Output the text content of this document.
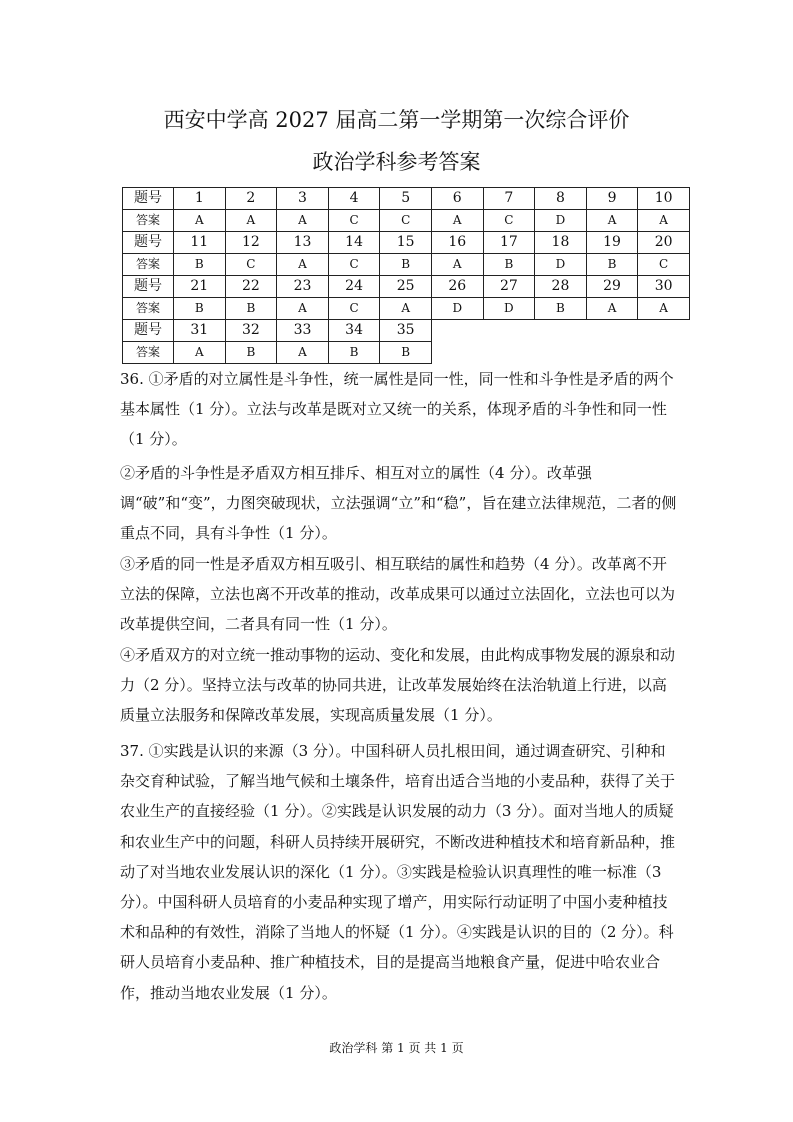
西安中学高 2027 届高二第一学期第一次综合评价
政治学科参考答案
题号	1	2	3	4	5	6	7	8	9	10
答案	A	A	A	C	C	A	C	D	A	A
题号	11	12	13	14	15	16	17	18	19	20
答案	B	C	A	C	B	A	B	D	B	C
题号	21	22	23	24	25	26	27	28	29	30
答案	B	B	A	C	A	D	D	B	A	A
题号	31	32	33	34	35					
答案	A	B	A	B	B					

36. ①矛盾的对立属性是斗争性，统一属性是同一性，同一性和斗争性是矛盾的两个基本属性（1 分）。立法与改革是既对立又统一的关系，体现矛盾的斗争性和同一性（1 分）。

②矛盾的斗争性是矛盾双方相互排斥、相互对立的属性（4 分）。改革强调“破”和“变”，力图突破现状，立法强调“立”和“稳”，旨在建立法律规范，二者的侧重点不同，具有斗争性（1 分）。

③矛盾的同一性是矛盾双方相互吸引、相互联结的属性和趋势（4 分）。改革离不开立法的保障，立法也离不开改革的推动，改革成果可以通过立法固化，立法也可以为改革提供空间，二者具有同一性（1 分）。

④矛盾双方的对立统一推动事物的运动、变化和发展，由此构成事物发展的源泉和动力（2 分）。坚持立法与改革的协同共进，让改革发展始终在法治轨道上行进，以高质量立法服务和保障改革发展，实现高质量发展（1 分）。

37. ①实践是认识的来源（3 分）。中国科研人员扎根田间，通过调查研究、引种和杂交育种试验，了解当地气候和土壤条件，培育出适合当地的小麦品种，获得了关于农业生产的直接经验（1 分）。②实践是认识发展的动力（3 分）。面对当地人的质疑和农业生产中的问题，科研人员持续开展研究，不断改进种植技术和培育新品种，推动了对当地农业发展认识的深化（1 分）。③实践是检验认识真理性的唯一标准（3 分）。中国科研人员培育的小麦品种实现了增产，用实际行动证明了中国小麦种植技术和品种的有效性，消除了当地人的怀疑（1 分）。④实践是认识的目的（2 分）。科研人员培育小麦品种、推广种植技术，目的是提高当地粮食产量，促进中哈农业合作，推动当地农业发展（1 分）。

政治学科 第 1 页 共 1 页
